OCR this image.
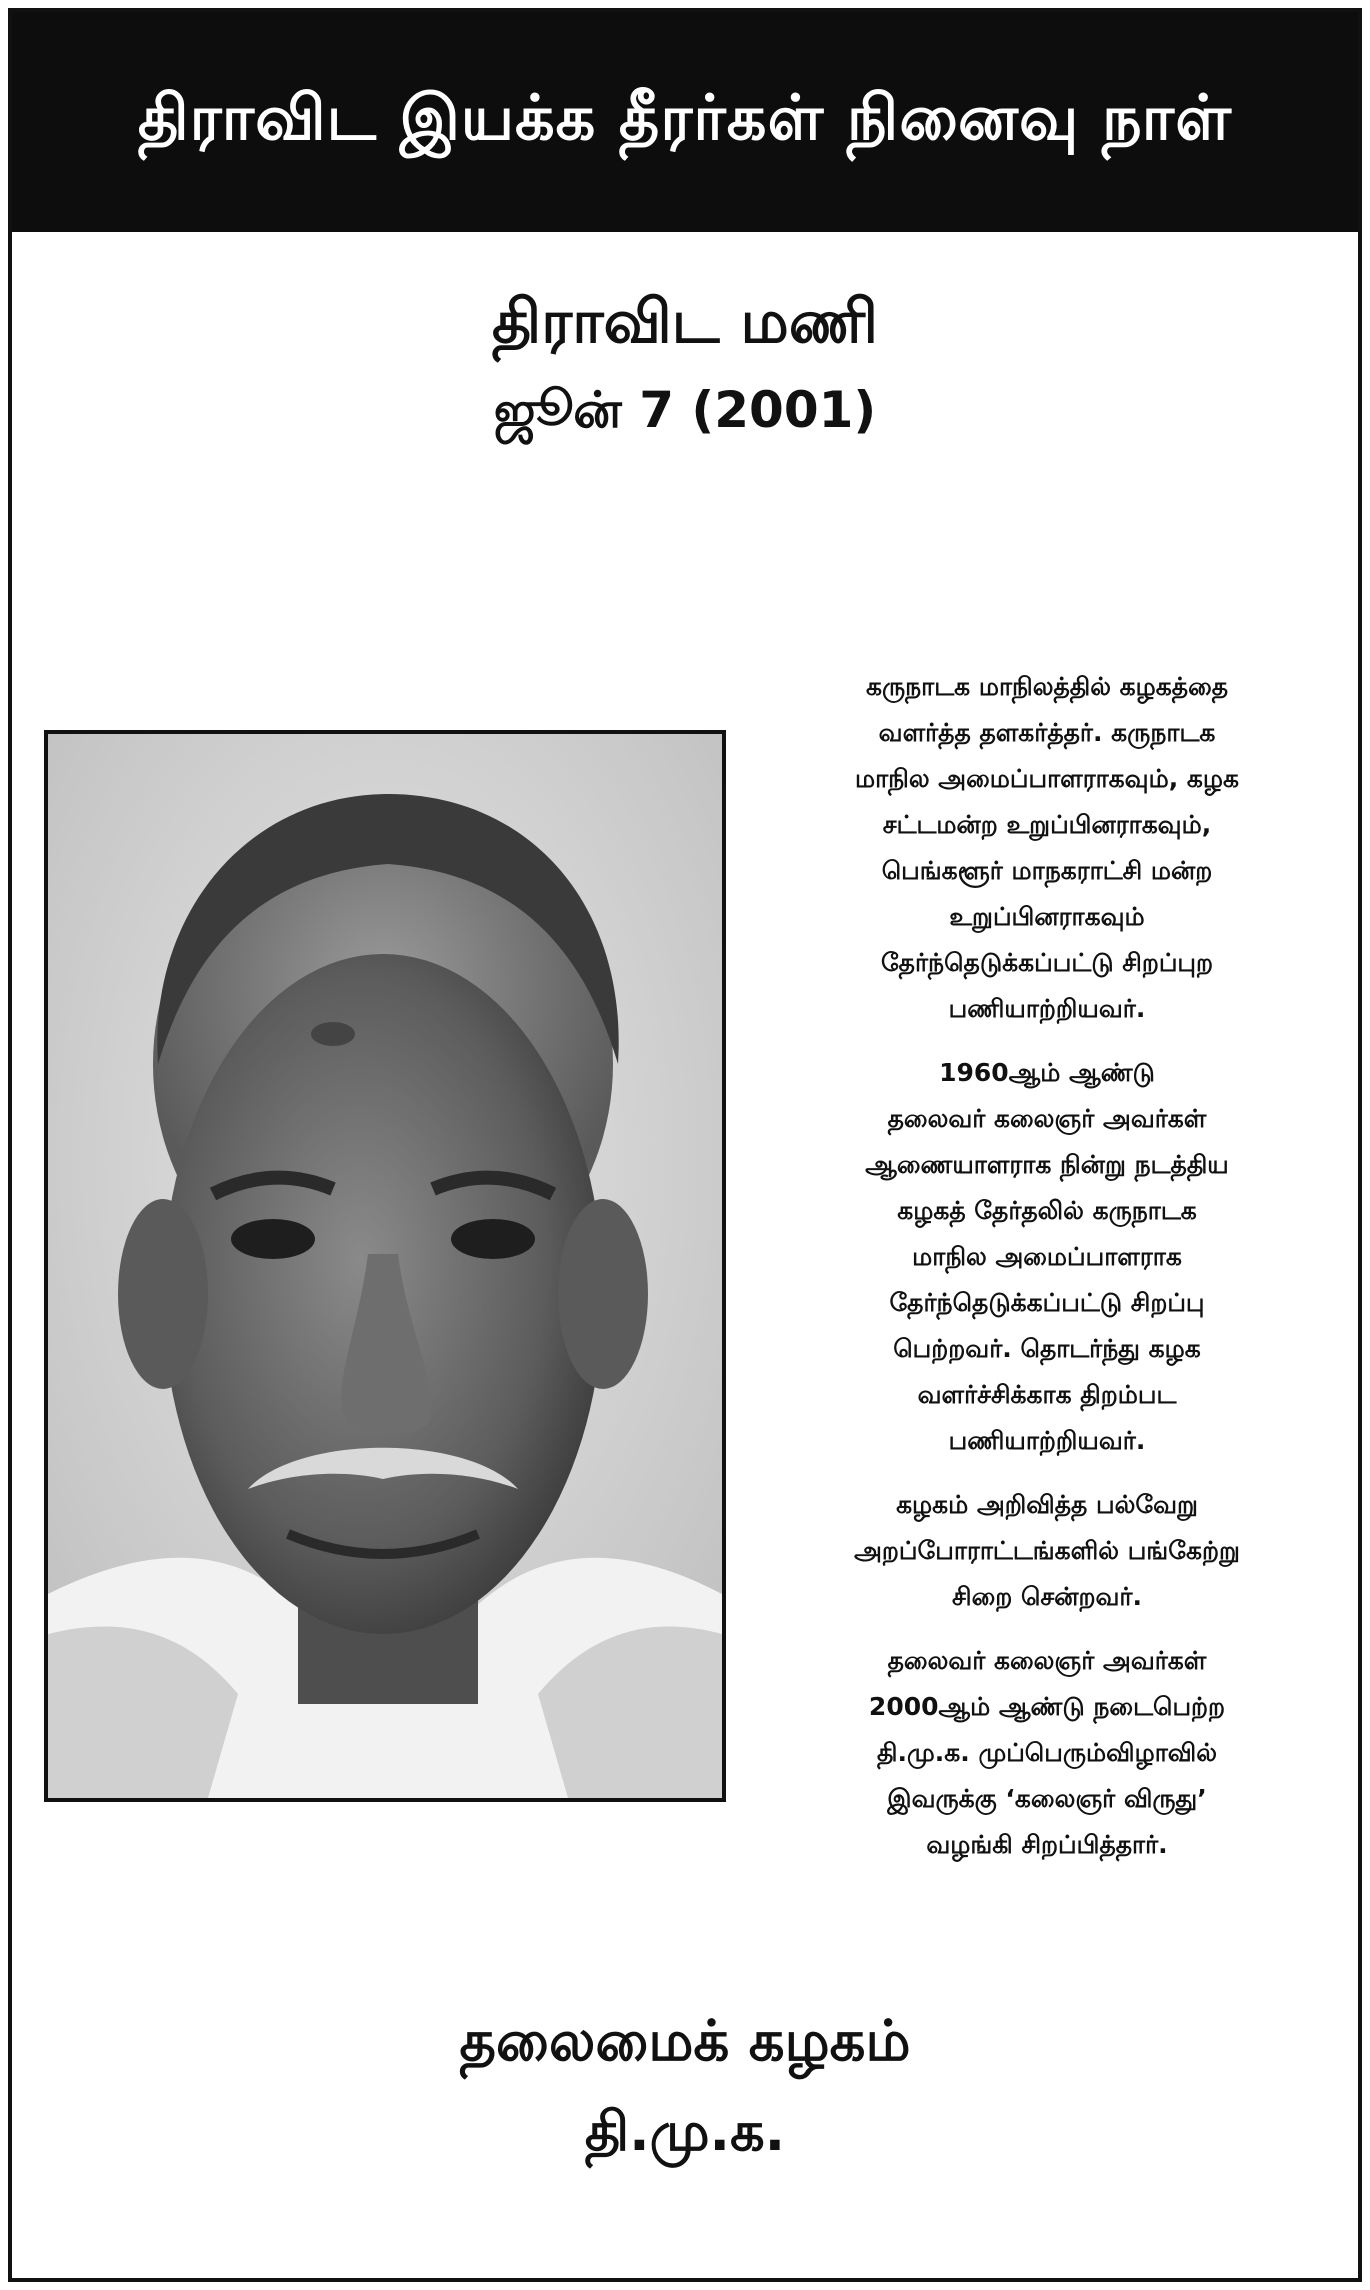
திராவிட இயக்க தீரர்கள் நினைவு நாள்
திராவிட மணி
ஜூன் 7 (2001)

கருநாடக மாநிலத்தில் கழகத்தை
வளர்த்த தளகர்த்தர். கருநாடக
மாநில அமைப்பாளராகவும், கழக
சட்டமன்ற உறுப்பினராகவும்,
பெங்களூர் மாநகராட்சி மன்ற
உறுப்பினராகவும்
தேர்ந்தெடுக்கப்பட்டு சிறப்புற
பணியாற்றியவர்.

1960ஆம் ஆண்டு
தலைவர் கலைஞர் அவர்கள்
ஆணையாளராக நின்று நடத்திய
கழகத் தேர்தலில் கருநாடக
மாநில அமைப்பாளராக
தேர்ந்தெடுக்கப்பட்டு சிறப்பு
பெற்றவர். தொடர்ந்து கழக
வளர்ச்சிக்காக திறம்பட
பணியாற்றியவர்.

கழகம் அறிவித்த பல்வேறு
அறப்போராட்டங்களில் பங்கேற்று
சிறை சென்றவர்.

தலைவர் கலைஞர் அவர்கள்
2000ஆம் ஆண்டு நடைபெற்ற
தி.மு.க. முப்பெரும்விழாவில்
இவருக்கு ‘கலைஞர் விருது’
வழங்கி சிறப்பித்தார்.

தலைமைக் கழகம்
தி.மு.க.
